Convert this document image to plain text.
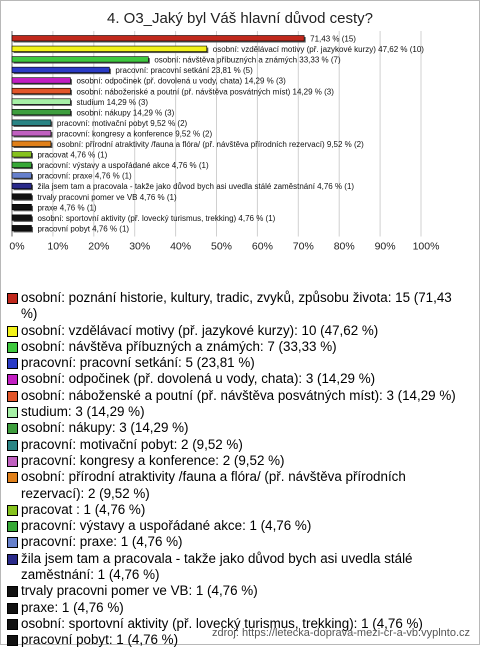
4. O3_Jaký byl Váš hlavní důvod cesty?
0% 10% 20% 30% 40% 50% 60% 70% 80% 90% 100%
71,43 % (15)
osobní: vzdělávací motivy (př. jazykové kurzy) 47,62 % (10)
osobní: návštěva příbuzných a známých 33,33 % (7)
pracovní: pracovní setkání 23,81 % (5)
osobní: odpočinek (př. dovolená u vody, chata) 14,29 % (3)
osobní: náboženské a poutní (př. návštěva posvátných míst) 14,29 % (3)
studium 14,29 % (3)
osobní: nákupy 14,29 % (3)
pracovní: motivační pobyt 9,52 % (2)
pracovní: kongresy a konference 9,52 % (2)
osobní: přírodní atraktivity /fauna a flóra/ (př. návštěva přírodních rezervací) 9,52 % (2)
pracovat 4,76 % (1)
pracovní: výstavy a uspořádané akce 4,76 % (1)
pracovní: praxe 4,76 % (1)
žila jsem tam a pracovala - takže jako důvod bych asi uvedla stálé zaměstnání 4,76 % (1)
trvaly pracovni pomer ve VB 4,76 % (1)
praxe 4,76 % (1)
osobní: sportovní aktivity (př. lovecký turismus, trekking) 4,76 % (1)
pracovní pobyt 4,76 % (1)
osobní: poznání historie, kultury, tradic, zvyků, způsobu života: 15 (71,43 %)
osobní: vzdělávací motivy (př. jazykové kurzy): 10 (47,62 %)
osobní: návštěva příbuzných a známých: 7 (33,33 %)
pracovní: pracovní setkání: 5 (23,81 %)
osobní: odpočinek (př. dovolená u vody, chata): 3 (14,29 %)
osobní: náboženské a poutní (př. návštěva posvátných míst): 3 (14,29 %)
studium: 3 (14,29 %)
osobní: nákupy: 3 (14,29 %)
pracovní: motivační pobyt: 2 (9,52 %)
pracovní: kongresy a konference: 2 (9,52 %)
osobní: přírodní atraktivity /fauna a flóra/ (př. návštěva přírodních rezervací): 2 (9,52 %)
pracovat : 1 (4,76 %)
pracovní: výstavy a uspořádané akce: 1 (4,76 %)
pracovní: praxe: 1 (4,76 %)
žila jsem tam a pracovala - takže jako důvod bych asi uvedla stálé zaměstnání: 1 (4,76 %)
trvaly pracovni pomer ve VB: 1 (4,76 %)
praxe: 1 (4,76 %)
osobní: sportovní aktivity (př. lovecký turismus, trekking): 1 (4,76 %)
pracovní pobyt: 1 (4,76 %)	zdroj: https://letecka-doprava-mezi-cr-a-vb.vyplnto.cz
